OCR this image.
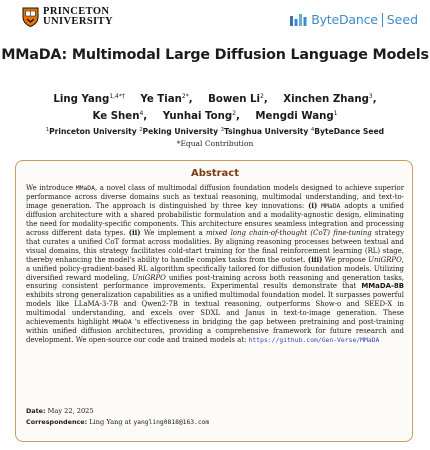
PRINCETON
UNIVERSITY	ByteDance Seed
MMaDA: Multimodal Large Diffusion Language Models
Ling Yang$^{1,4*\dagger}$ Ye Tian$^{2*}$, Bowen Li$^2$, Xinchen Zhang$^3$,
Ke Shen$^4$, Yunhai Tong$^2$, Mengdi Wang$^1$
$^1$Princeton University $^2$Peking University $^3$Tsinghua University $^4$ByteDance Seed
*Equal Contribution
Abstract
We introduce MMaDA, a novel class of multimodal diffusion foundation models designed to achieve superior performance across diverse domains such as textual reasoning, multimodal understanding, and text-to-image generation. The approach is distinguished by three key innovations: (i) MMaDA adopts a unified diffusion architecture with a shared probabilistic formulation and a modality-agnostic design, eliminating the need for modality-specific components. This architecture ensures seamless integration and processing across different data types. (ii) We implement a mixed long chain-of-thought (CoT) fine-tuning strategy that curates a unified CoT format across modalities. By aligning reasoning processes between textual and visual domains, this strategy facilitates cold-start training for the final reinforcement learning (RL) stage, thereby enhancing the model's ability to handle complex tasks from the outset. (iii) We propose UniGRPO, a unified policy-gradient-based RL algorithm specifically tailored for diffusion foundation models. Utilizing diversified reward modeling, UniGRPO unifies post-training across both reasoning and generation tasks, ensuring consistent performance improvements. Experimental results demonstrate that MMaDA-8B exhibits strong generalization capabilities as a unified multimodal foundation model. It surpasses powerful models like LLaMA-3-7B and Qwen2-7B in textual reasoning, outperforms Show-o and SEED-X in multimodal understanding, and excels over SDXL and Janus in text-to-image generation. These achievements highlight MMaDA 's effectiveness in bridging the gap between pretraining and post-training within unified diffusion architectures, providing a comprehensive framework for future research and development. We open-source our code and trained models at: https://github.com/Gen-Verse/MMaDA
Date: May 22, 2025
Correspondence: Ling Yang at yangling0818@163.com
